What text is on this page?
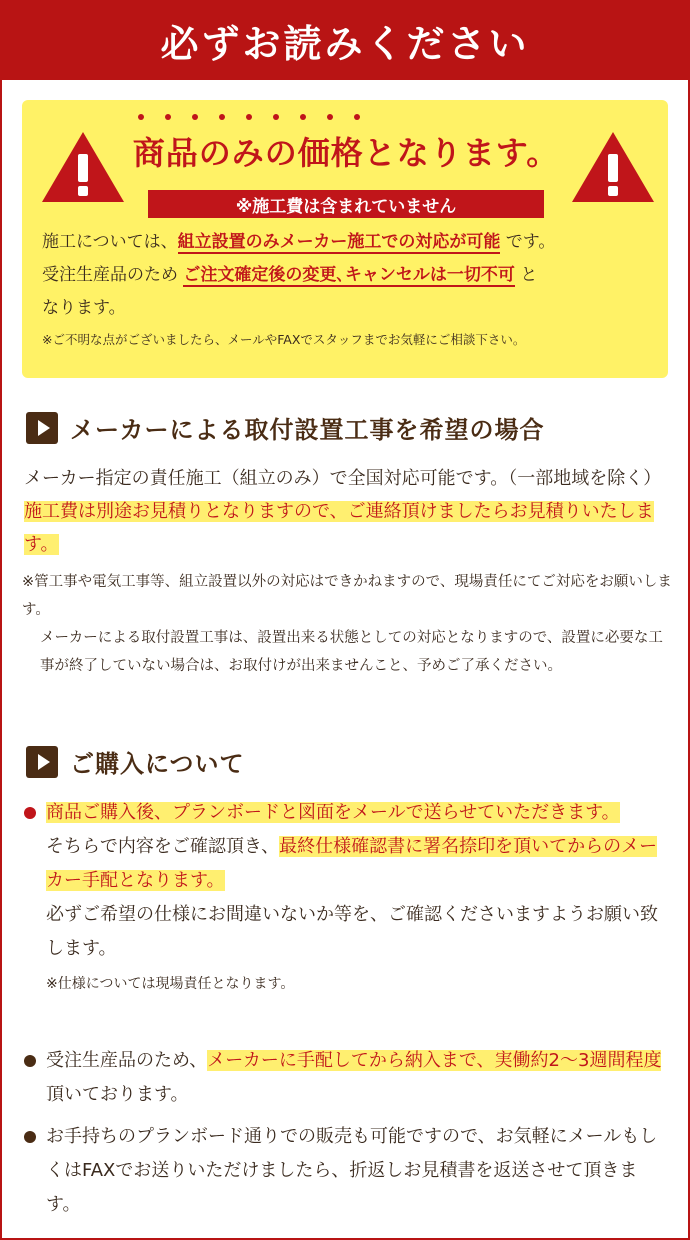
必ずお読みください
商品のみの価格となります。
※施工費は含まれていません
施工については、組立設置のみメーカー施工での対応が可能 です。
受注生産品のため ご注文確定後の変更､キャンセルは一切不可 と
なります。
※ご不明な点がございましたら、メールやFAXでスタッフまでお気軽にご相談下さい。
メーカーによる取付設置工事を希望の場合
メーカー指定の責任施工（組立のみ）で全国対応可能です。（一部地域を除く）施工費は別途お見積りとなりますので、ご連絡頂けましたらお見積りいたします。
※管工事や電気工事等、組立設置以外の対応はできかねますので、現場責任にてご対応をお願いします。
メーカーによる取付設置工事は、設置出来る状態としての対応となりますので、設置に必要な工事が終了していない場合は、お取付けが出来ませんこと、予めご了承ください。
ご購入について
商品ご購入後、プランボードと図面をメールで送らせていただきます。
そちらで内容をご確認頂き、最終仕様確認書に署名捺印を頂いてからのメーカー手配となります。
必ずご希望の仕様にお間違いないか等を、ご確認くださいますようお願い致します。
※仕様については現場責任となります。
受注生産品のため、メーカーに手配してから納入まで、実働約2〜3週間程度頂いております。
お手持ちのプランボード通りでの販売も可能ですので、お気軽にメールもしくはFAXでお送りいただけましたら、折返しお見積書を返送させて頂きます。
